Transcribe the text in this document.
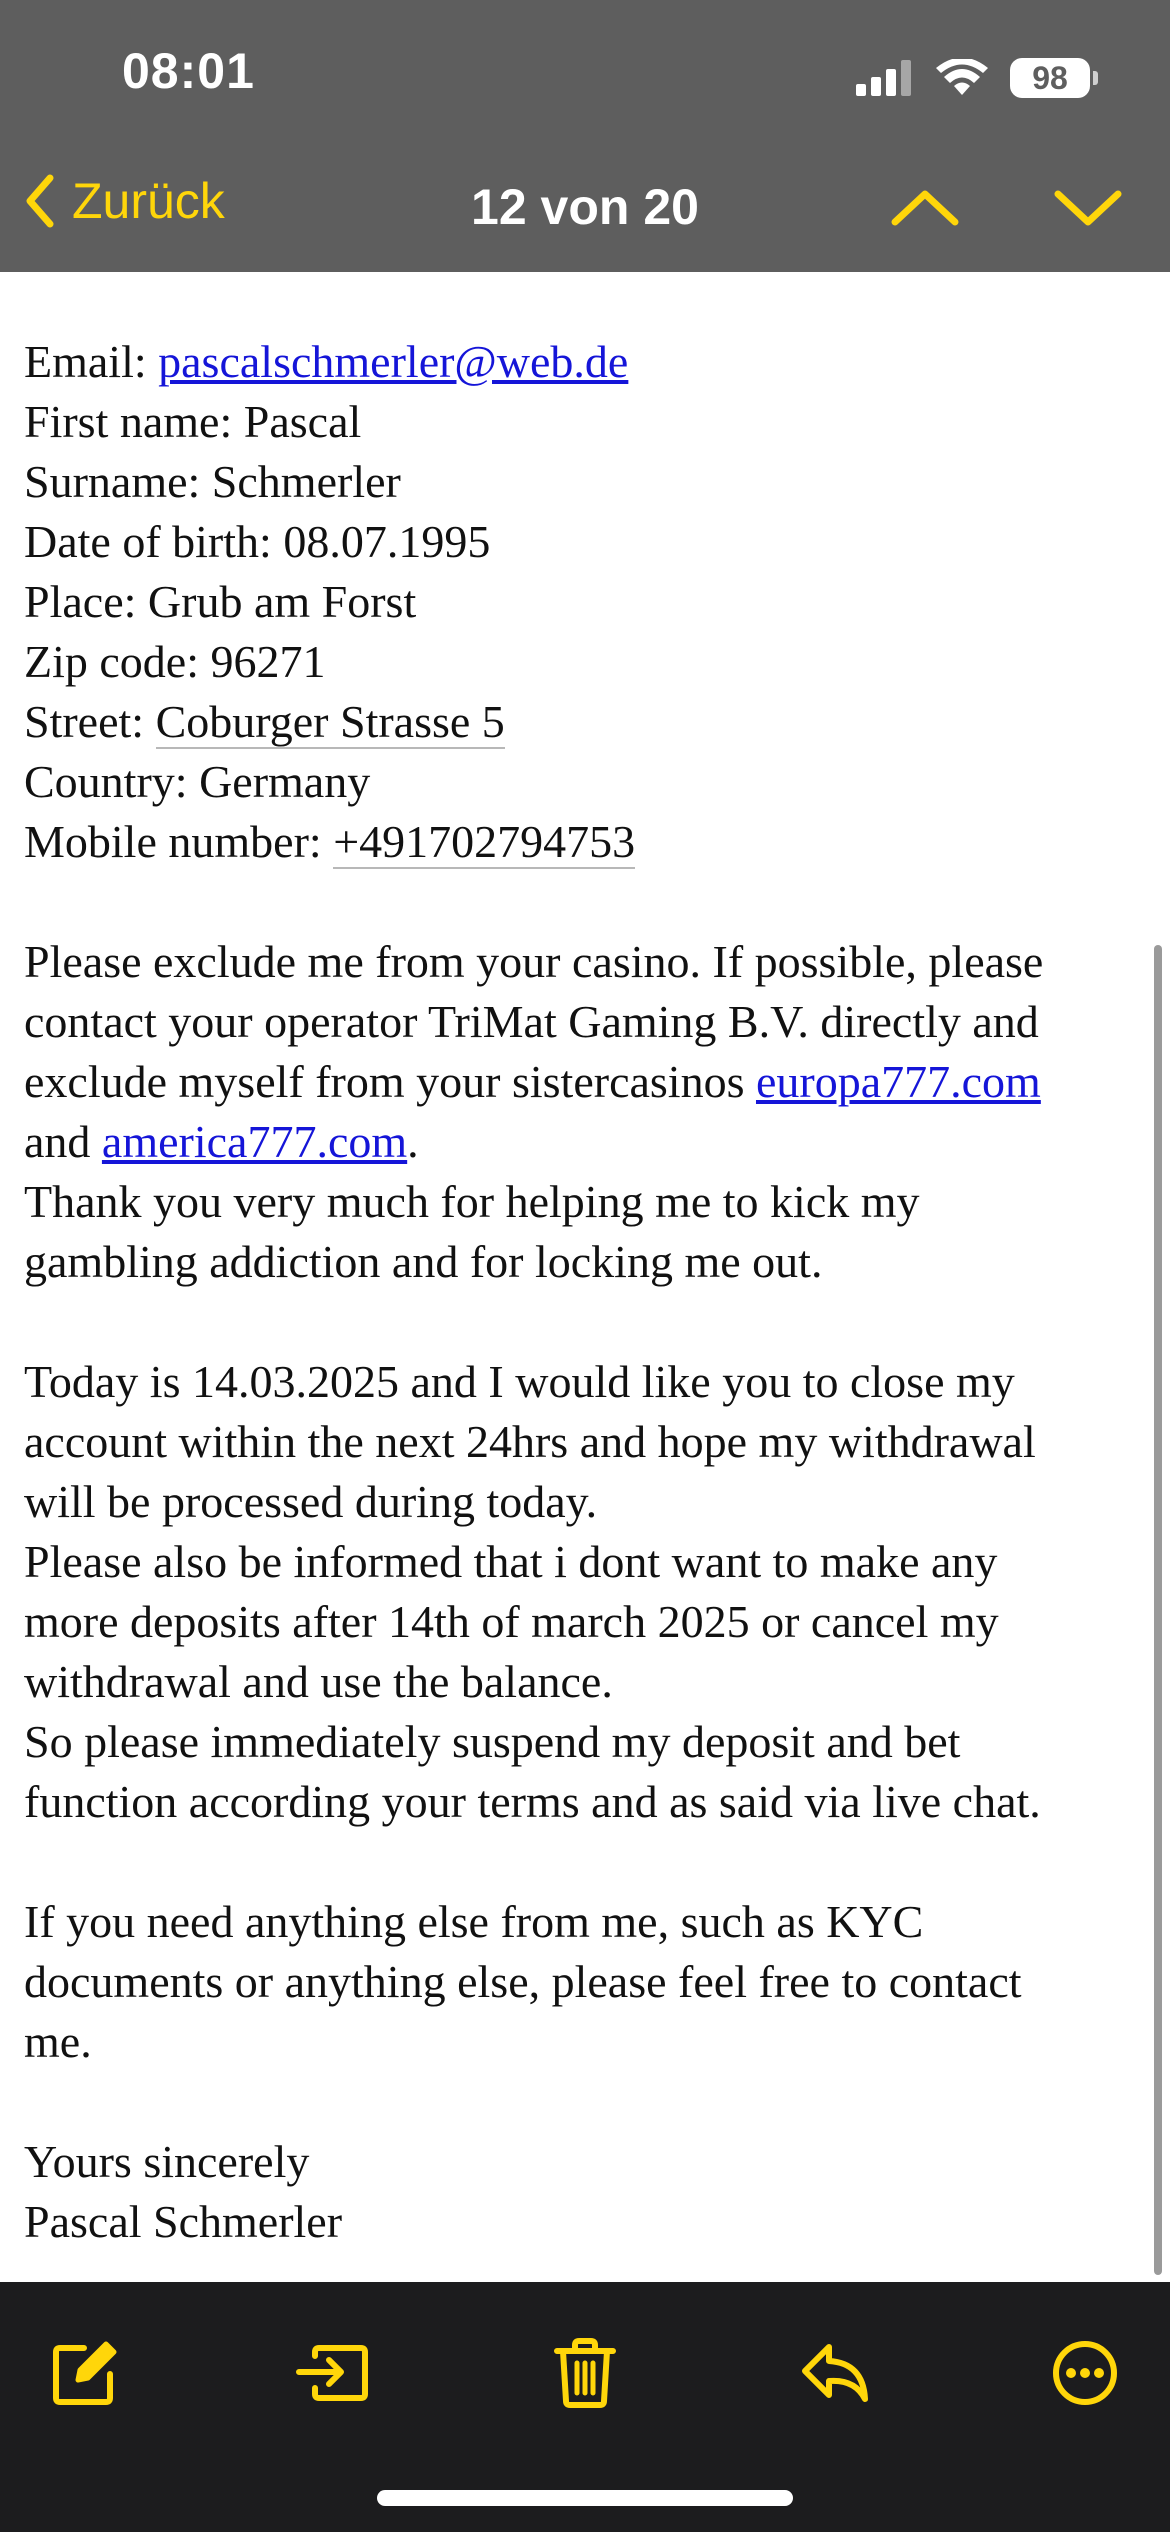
08:01	98
Zurück	12 von 20
Email: pascalschmerler@web.de
First name: Pascal
Surname: Schmerler
Date of birth: 08.07.1995
Place: Grub am Forst
Zip code: 96271
Street: Coburger Strasse 5
Country: Germany
Mobile number: +491702794753
Please exclude me from your casino. If possible, please
contact your operator TriMat Gaming B.V. directly and
exclude myself from your sistercasinos europa777.com
and america777.com.
Thank you very much for helping me to kick my
gambling addiction and for locking me out.
Today is 14.03.2025 and I would like you to close my
account within the next 24hrs and hope my withdrawal
will be processed during today.
Please also be informed that i dont want to make any
more deposits after 14th of march 2025 or cancel my
withdrawal and use the balance.
So please immediately suspend my deposit and bet
function according your terms and as said via live chat.
If you need anything else from me, such as KYC
documents or anything else, please feel free to contact
me.
Yours sincerely
Pascal Schmerler
